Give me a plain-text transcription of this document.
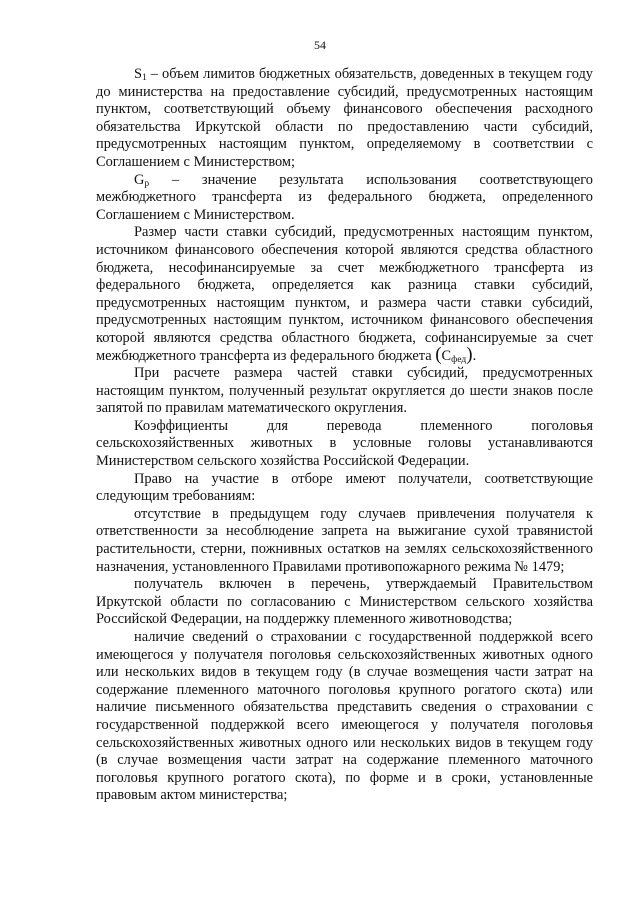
54

$S_1$ – объем лимитов бюджетных обязательств, доведенных в текущем году до министерства на предоставление субсидий, предусмотренных настоящим пунктом, соответствующий объему финансового обеспечения расходного обязательства Иркутской области по предоставлению части субсидий, предусмотренных настоящим пунктом, определяемому в соответствии с Соглашением с Министерством;

$G_p$ – значение результата использования соответствующего межбюджетного трансферта из федерального бюджета, определенного Соглашением с Министерством.

Размер части ставки субсидий, предусмотренных настоящим пунктом, источником финансового обеспечения которой являются средства областного бюджета, несофинансируемые за счет межбюджетного трансферта из федерального бюджета, определяется как разница ставки субсидий, предусмотренных настоящим пунктом, и размера части ставки субсидий, предусмотренных настоящим пунктом, источником финансового обеспечения которой являются средства областного бюджета, софинансируемые за счет межбюджетного трансферта из федерального бюджета $(C_{фед})$.

При расчете размера частей ставки субсидий, предусмотренных настоящим пунктом, полученный результат округляется до шести знаков после запятой по правилам математического округления.

Коэффициенты для перевода племенного поголовья сельскохозяйственных животных в условные головы устанавливаются Министерством сельского хозяйства Российской Федерации.

Право на участие в отборе имеют получатели, соответствующие следующим требованиям:

отсутствие в предыдущем году случаев привлечения получателя к ответственности за несоблюдение запрета на выжигание сухой травянистой растительности, стерни, пожнивных остатков на землях сельскохозяйственного назначения, установленного Правилами противопожарного режима № 1479;

получатель включен в перечень, утверждаемый Правительством Иркутской области по согласованию с Министерством сельского хозяйства Российской Федерации, на поддержку племенного животноводства;

наличие сведений о страховании с государственной поддержкой всего имеющегося у получателя поголовья сельскохозяйственных животных одного или нескольких видов в текущем году (в случае возмещения части затрат на содержание племенного маточного поголовья крупного рогатого скота) или наличие письменного обязательства представить сведения о страховании с государственной поддержкой всего имеющегося у получателя поголовья сельскохозяйственных животных одного или нескольких видов в текущем году (в случае возмещения части затрат на содержание племенного маточного поголовья крупного рогатого скота), по форме и в сроки, установленные правовым актом министерства;
